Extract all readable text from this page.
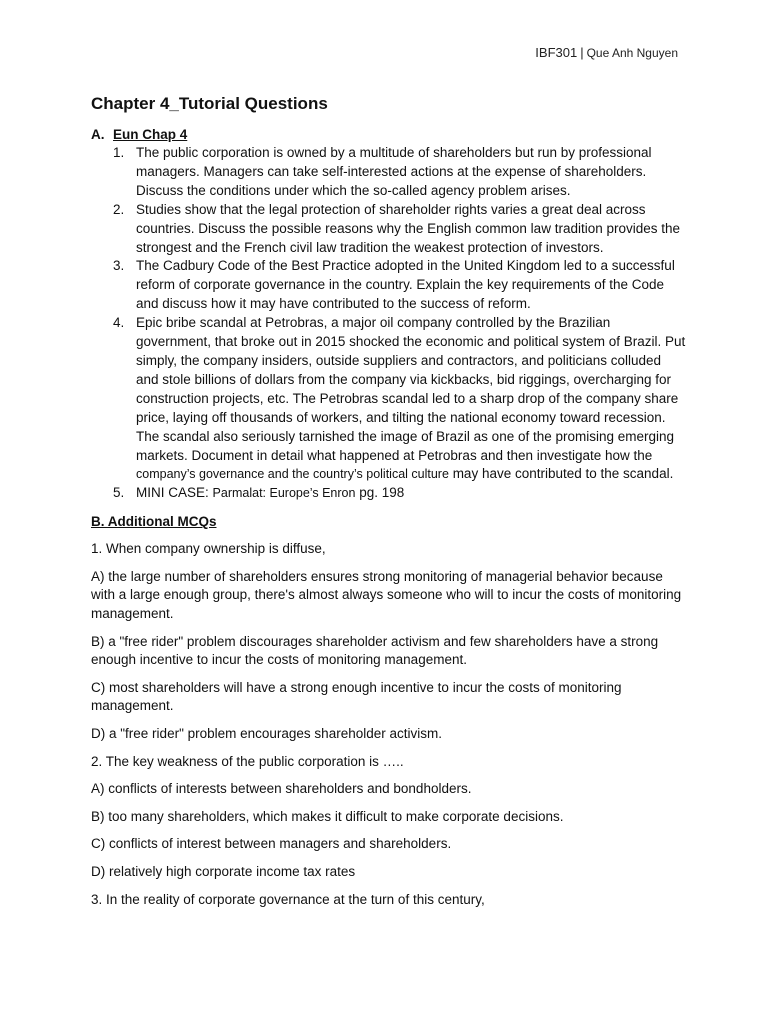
IBF301 | Que Anh Nguyen
Chapter 4_Tutorial Questions
A. Eun Chap 4
1. The public corporation is owned by a multitude of shareholders but run by professional managers. Managers can take self-interested actions at the expense of shareholders. Discuss the conditions under which the so-called agency problem arises.
2. Studies show that the legal protection of shareholder rights varies a great deal across countries. Discuss the possible reasons why the English common law tradition provides the strongest and the French civil law tradition the weakest protection of investors.
3. The Cadbury Code of the Best Practice adopted in the United Kingdom led to a successful reform of corporate governance in the country. Explain the key requirements of the Code and discuss how it may have contributed to the success of reform.
4. Epic bribe scandal at Petrobras, a major oil company controlled by the Brazilian government, that broke out in 2015 shocked the economic and political system of Brazil. Put simply, the company insiders, outside suppliers and contractors, and politicians colluded and stole billions of dollars from the company via kickbacks, bid riggings, overcharging for construction projects, etc. The Petrobras scandal led to a sharp drop of the company share price, laying off thousands of workers, and tilting the national economy toward recession. The scandal also seriously tarnished the image of Brazil as one of the promising emerging markets. Document in detail what happened at Petrobras and then investigate how the company’s governance and the country’s political culture may have contributed to the scandal.
5. MINI CASE: Parmalat: Europe’s Enron pg. 198
B. Additional MCQs

1. When company ownership is diffuse,

A) the large number of shareholders ensures strong monitoring of managerial behavior because with a large enough group, there's almost always someone who will to incur the costs of monitoring management.

B) a "free rider" problem discourages shareholder activism and few shareholders have a strong enough incentive to incur the costs of monitoring management.

C) most shareholders will have a strong enough incentive to incur the costs of monitoring management.

D) a "free rider" problem encourages shareholder activism.

2. The key weakness of the public corporation is …..

A) conflicts of interests between shareholders and bondholders.

B) too many shareholders, which makes it difficult to make corporate decisions.

C) conflicts of interest between managers and shareholders.

D) relatively high corporate income tax rates

3. In the reality of corporate governance at the turn of this century,
